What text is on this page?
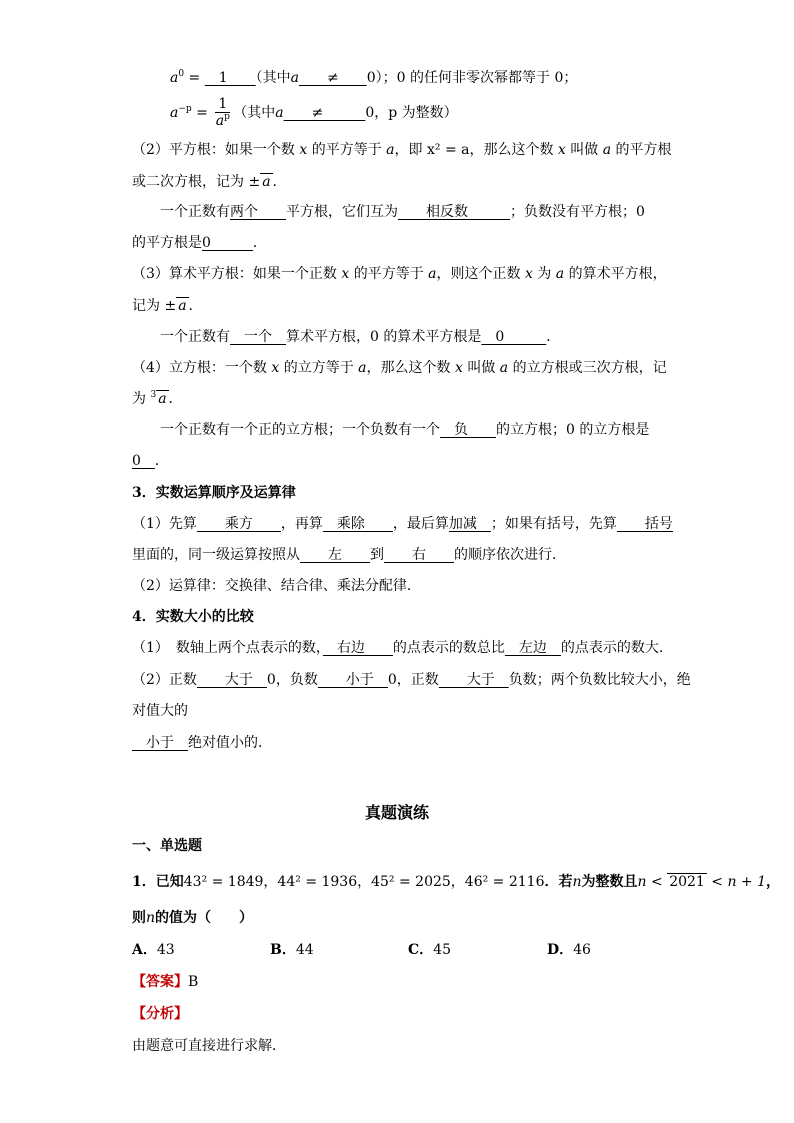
$a^0$ = 　1　　（其中a　　≠　　0）；0 的任何非零次幂都等于 0；
$a^{-p} = \frac{1}{a^p}$ （其中a　　≠　　　0，p 为整数）
（2）平方根：如果一个数 x 的平方等于 a，即 x² = a，那么这个数 x 叫做 a 的平方根
或二次方根，记为 ± a ．
一个正数有两个　　平方根，它们互为　　相反数　　　；负数没有平方根；0
的平方根是0　　　．
（3）算术平方根：如果一个正数 x 的平方等于 a，则这个正数 x 为 a 的算术平方根，
记为 ± a ．
一个正数有　一个　算术平方根，0 的算术平方根是　0　　　．
（4）立方根：一个数 x 的立方等于 a，那么这个数 x 叫做 a 的立方根或三次方根，记
为 $^3$ a ．
一个正数有一个正的立方根；一个负数有一个　负　　的立方根；0 的立方根是
0　．
3．实数运算顺序及运算律
（1）先算　　乘方　　，再算　乘除　　，最后算加减　；如果有括号，先算　　括号
里面的，同一级运算按照从　　左　　到　　右　　的顺序依次进行．
（2）运算律：交换律、结合律、乘法分配律．
4．实数大小的比较
（1）　数轴上两个点表示的数，　右边　　的点表示的数总比　左边　的点表示的数大.
（2）正数　　大于　0，负数　　小于　0，正数　　大于　负数；两个负数比较大小，绝
对值大的
　小于　绝对值小的.
真题演练
一、单选题
1．已知43² = 1849，44² = 1936，45² = 2025，46² = 2116．若n为整数且n < 2021 < n + 1，
则n的值为（　　）
A．43	B．44	C．45	D．46
【答案】B
【分析】
由题意可直接进行求解．
